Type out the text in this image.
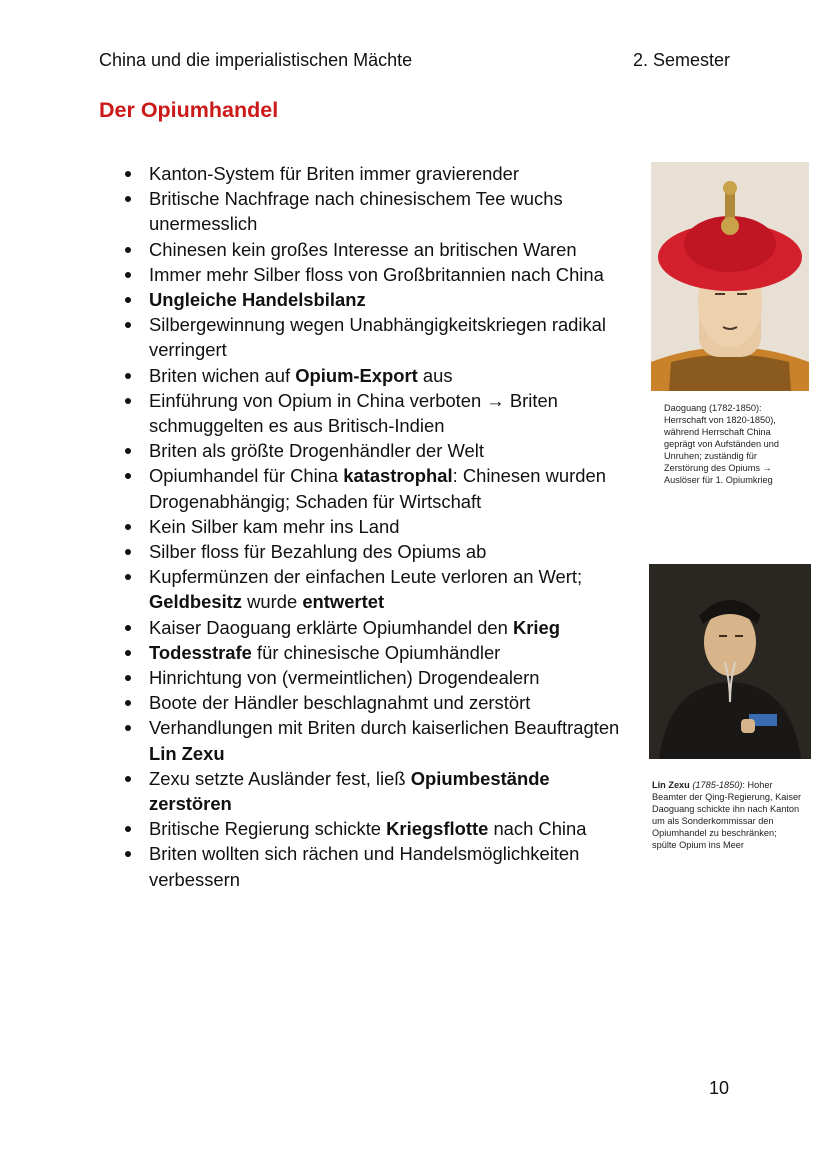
China und die imperialistischen Mächte	2. Semester
Der Opiumhandel
Kanton-System für Briten immer gravierender
Britische Nachfrage nach chinesischem Tee wuchs unermesslich
Chinesen kein großes Interesse an britischen Waren
Immer mehr Silber floss von Großbritannien nach China
Ungleiche Handelsbilanz
Silbergewinnung wegen Unabhängigkeitskriegen radikal verringert
Briten wichen auf Opium-Export aus
Einführung von Opium in China verboten → Briten schmuggelten es aus Britisch-Indien
Briten als größte Drogenhändler der Welt
Opiumhandel für China katastrophal: Chinesen wurden Drogenabhängig; Schaden für Wirtschaft
Kein Silber kam mehr ins Land
Silber floss für Bezahlung des Opiums ab
Kupfermünzen der einfachen Leute verloren an Wert; Geldbesitz wurde entwertet
Kaiser Daoguang erklärte Opiumhandel den Krieg
Todesstrafe für chinesische Opiumhändler
Hinrichtung von (vermeintlichen) Drogendealern
Boote der Händler beschlagnahmt und zerstört
Verhandlungen mit Briten durch kaiserlichen Beauftragten Lin Zexu
Zexu setzte Ausländer fest, ließ Opiumbestände zerstören
Britische Regierung schickte Kriegsflotte nach China
Briten wollten sich rächen und Handelsmöglichkeiten verbessern
Daoguang (1782-1850): Herrschaft von 1820-1850), während Herrschaft China geprägt von Aufständen und Unruhen; zuständig für Zerstörung des Opiums → Auslöser für 1. Opiumkrieg
Lin Zexu (1785-1850): Hoher Beamter der Qing-Regierung, Kaiser Daoguang schickte ihn nach Kanton um als Sonderkommissar den Opiumhandel zu beschränken; spülte Opium ins Meer
10
